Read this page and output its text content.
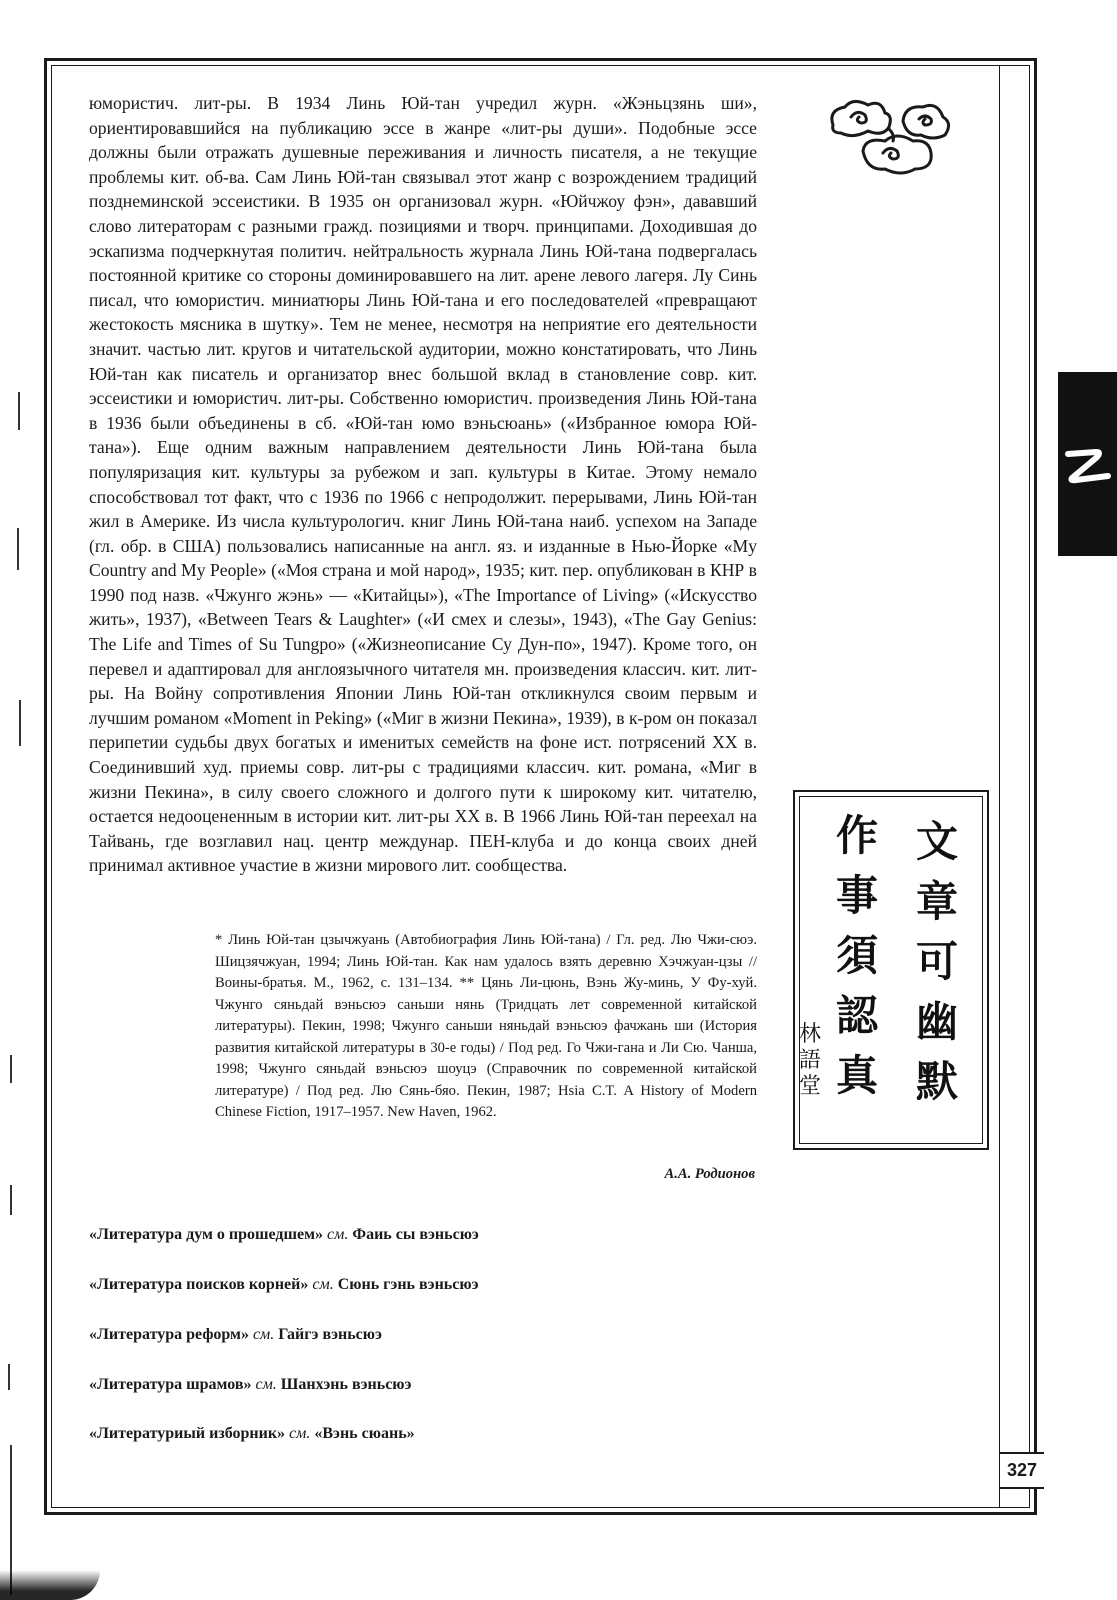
327
文
章
可
幽
默
作
事
須
認
真
林
語
堂

юмористич. лит-ры. В 1934 Линь Юй-тан учредил журн. «Жэньцзянь ши», ориентировавшийся на публикацию эссе в жанре «лит-ры души». Подобные эссе должны были отражать душевные переживания и личность писателя, а не текущие проблемы кит. об-ва. Сам Линь Юй-тан связывал этот жанр с возрождением традиций позднеминской эссеистики. В 1935 он организовал журн. «Юйчжоу фэн», дававший слово литераторам с разными гражд. позициями и творч. принципами. Доходившая до эскапизма подчеркнутая политич. нейтральность журнала Линь Юй-тана подвергалась постоянной критике со стороны доминировавшего на лит. арене левого лагеря. Лу Синь писал, что юмористич. миниатюры Линь Юй-тана и его последователей «превращают жестокость мясника в шутку». Тем не менее, несмотря на неприятие его деятельности значит. частью лит. кругов и читательской аудитории, можно констатировать, что Линь Юй-тан как писатель и организатор внес большой вклад в становление совр. кит. эссеистики и юмористич. лит-ры. Собственно юмористич. произведения Линь Юй-тана в 1936 были объединены в сб. «Юй-тан юмо вэньсюань» («Избранное юмора Юй-тана»). Еще одним важным направлением деятельности Линь Юй-тана была популяризация кит. культуры за рубежом и зап. культуры в Китае. Этому немало способствовал тот факт, что с 1936 по 1966 с непродолжит. перерывами, Линь Юй-тан жил в Америке. Из числа культурологич. книг Линь Юй-тана наиб. успехом на Западе (гл. обр. в США) пользовались написанные на англ. яз. и изданные в Нью-Йорке «My Country and My People» («Моя страна и мой народ», 1935; кит. пер. опубликован в КНР в 1990 под назв. «Чжунго жэнь» — «Китайцы»), «The Importance of Living» («Искусство жить», 1937), «Between Tears & Laughter» («И смех и слезы», 1943), «The Gay Genius: The Life and Times of Su Tungpo» («Жизнеописание Су Дун-по», 1947). Кроме того, он перевел и адаптировал для англоязычного читателя мн. произведения классич. кит. лит-ры. На Войну сопротивления Японии Линь Юй-тан откликнулся своим первым и лучшим романом «Moment in Peking» («Миг в жизни Пекина», 1939), в к-ром он показал перипетии судьбы двух богатых и именитых семейств на фоне ист. потрясений XX в. Соединивший худ. приемы совр. лит-ры с традициями классич. кит. романа, «Миг в жизни Пекина», в силу своего сложного и долгого пути к широкому кит. читателю, остается недооцененным в истории кит. лит-ры XX в. В 1966 Линь Юй-тан переехал на Тайвань, где возглавил нац. центр междунар. ПЕН-клуба и до конца своих дней принимал активное участие в жизни мирового лит. сообщества.

* Линь Юй-тан цзычжуань (Автобиография Линь Юй-тана) / Гл. ред. Лю Чжи-сюэ. Шицзячжуан, 1994; Линь Юй-тан. Как нам удалось взять деревню Хэчжуан-цзы // Воины-братья. М., 1962, с. 131–134. ** Цянь Ли-цюнь, Вэнь Жу-минь, У Фу-хуй. Чжунго сяньдай вэньсюэ саньши нянь (Тридцать лет современной китайской литературы). Пекин, 1998; Чжунго саньши няньдай вэньсюэ фачжань ши (История развития китайской литературы в 30-е годы) / Под ред. Го Чжи-гана и Ли Сю. Чанша, 1998; Чжунго сяньдай вэньсюэ шоуцэ (Справочник по современной китайской литературе) / Под ред. Лю Сянь-бяо. Пекин, 1987; Hsia C.T. A History of Modern Chinese Fiction, 1917–1957. New Haven, 1962.

А.А. Родионов
«Литература дум о прошедшем» см. Фаиь сы вэньсюэ
«Литература поисков корней» см. Сюнь гэнь вэньсюэ
«Литература реформ» см. Гайгэ вэньсюэ
«Литература шрамов» см. Шанхэнь вэньсюэ
«Литературиый изборник» см. «Вэнь сюань»
